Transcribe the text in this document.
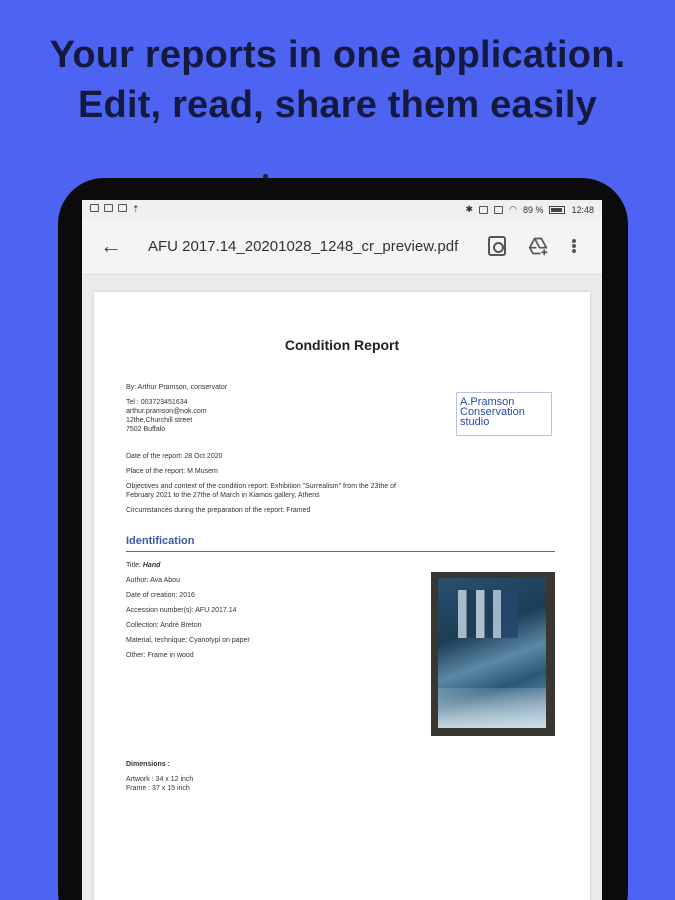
Your reports in one application.
Edit, read, share them easily
⇡	✱	◠ 89 %	12:48
← AFU 2017.14_20201028_1248_cr_preview.pdf
Condition Report
By: Arthur Pramson, conservator
Tel : 003723451634
arthur.pramson@nok.com
12the,Churchill street
7502 Buffalo
A.Pramson
Conservation
studio
Date of the report: 28 Oct 2020
Place of the report: M Musem
Objectives and context of the condition report: Exhibition "Surrealism" from the 23the of
February 2021 to the 27the of March in Kiamos gallery, Athens
Circumstances during the preparation of the report: Framed
Identification
Title: Hand
Author: Ava Abou
Date of creation: 2016
Accession number(s): AFU 2017.14
Collection: André Breton
Material, technique: Cyanotypi on paper
Other: Frame in wood
Dimensions :
Artwork : 34 x 12 inch
Frame : 37 x 15 inch
